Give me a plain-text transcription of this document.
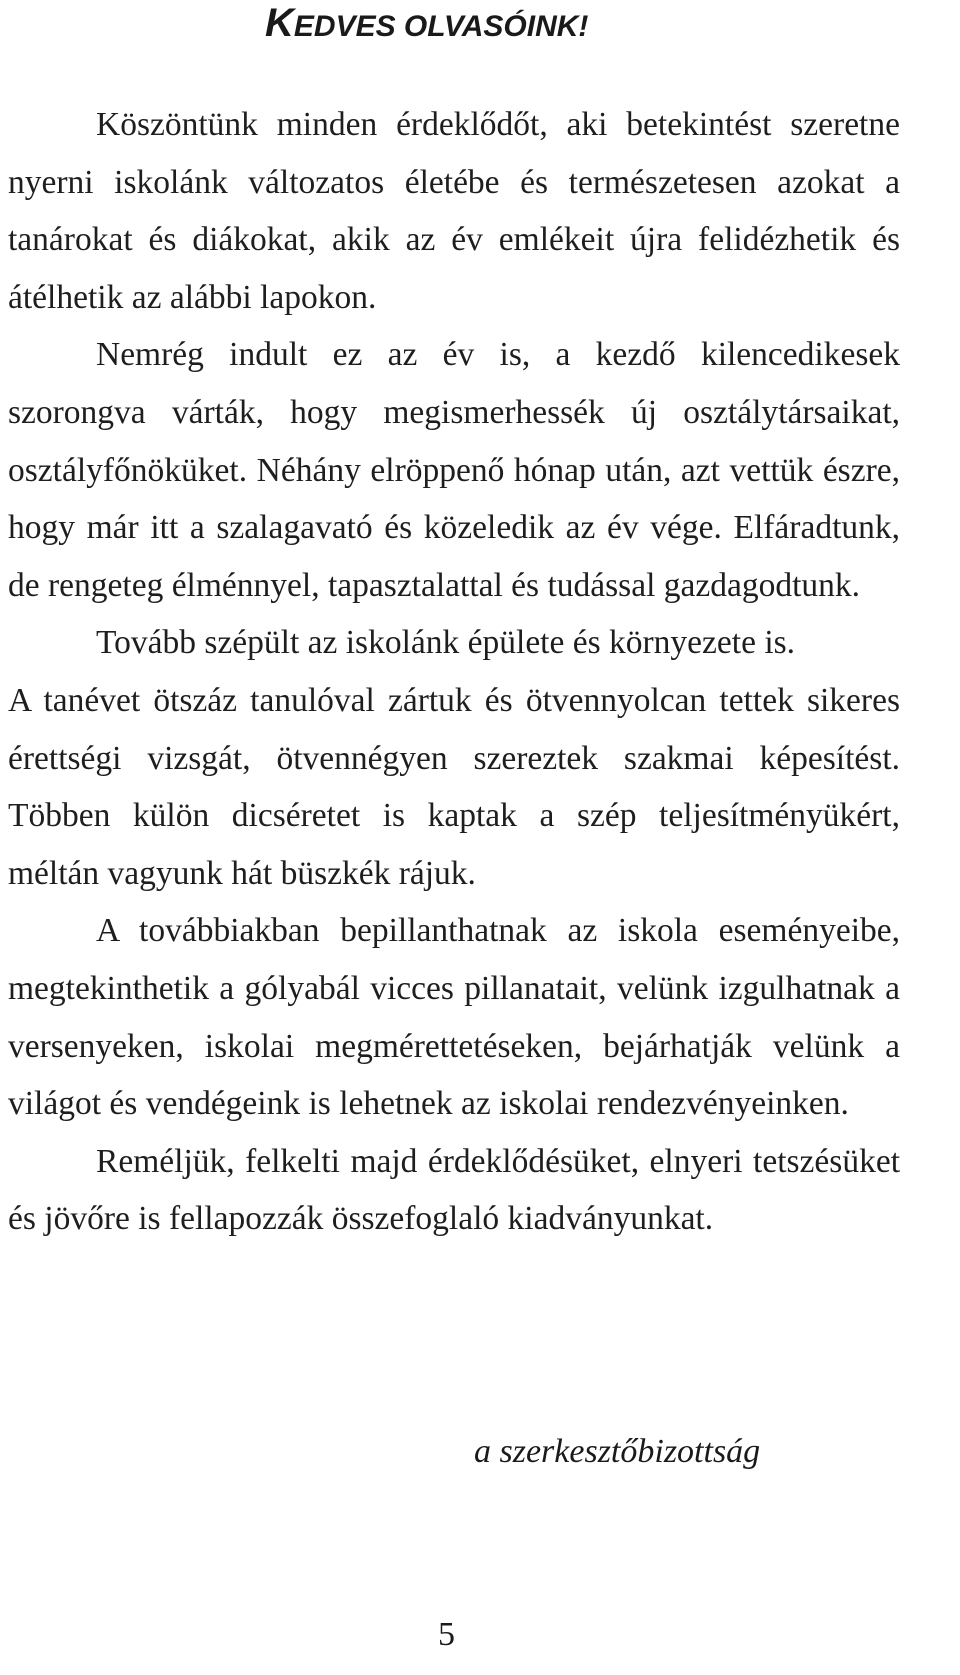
KEDVES OLVASÓINK!

Köszöntünk minden érdeklődőt, aki betekintést szeretne nyerni iskolánk változatos életébe és természetesen azokat a tanárokat és diákokat, akik az év emlékeit újra felidézhetik és átélhetik az alábbi lapokon.

Nemrég indult ez az év is, a kezdő kilencedikesek szorongva várták, hogy megismerhessék új osztálytársaikat, osztályfőnöküket. Néhány elröppenő hónap után, azt vettük észre, hogy már itt a szalagavató és közeledik az év vége. Elfáradtunk, de rengeteg élménnyel, tapasztalattal és tudással gazdagodtunk.

Tovább szépült az iskolánk épülete és környezete is.

A tanévet ötszáz tanulóval zártuk és ötvennyolcan tettek sikeres érettségi vizsgát, ötvennégyen szereztek szakmai képesítést. Többen külön dicséretet is kaptak a szép teljesítményükért, méltán vagyunk hát büszkék rájuk.

A továbbiakban bepillanthatnak az iskola eseményeibe, megtekinthetik a gólyabál vicces pillanatait, velünk izgulhatnak a versenyeken, iskolai megmérettetéseken, bejárhatják velünk a világot és vendégeink is lehetnek az iskolai rendezvényeinken.

Reméljük, felkelti majd érdeklődésüket, elnyeri tetszésüket és jövőre is fellapozzák összefoglaló kiadványunkat.

a szerkesztőbizottság

5
